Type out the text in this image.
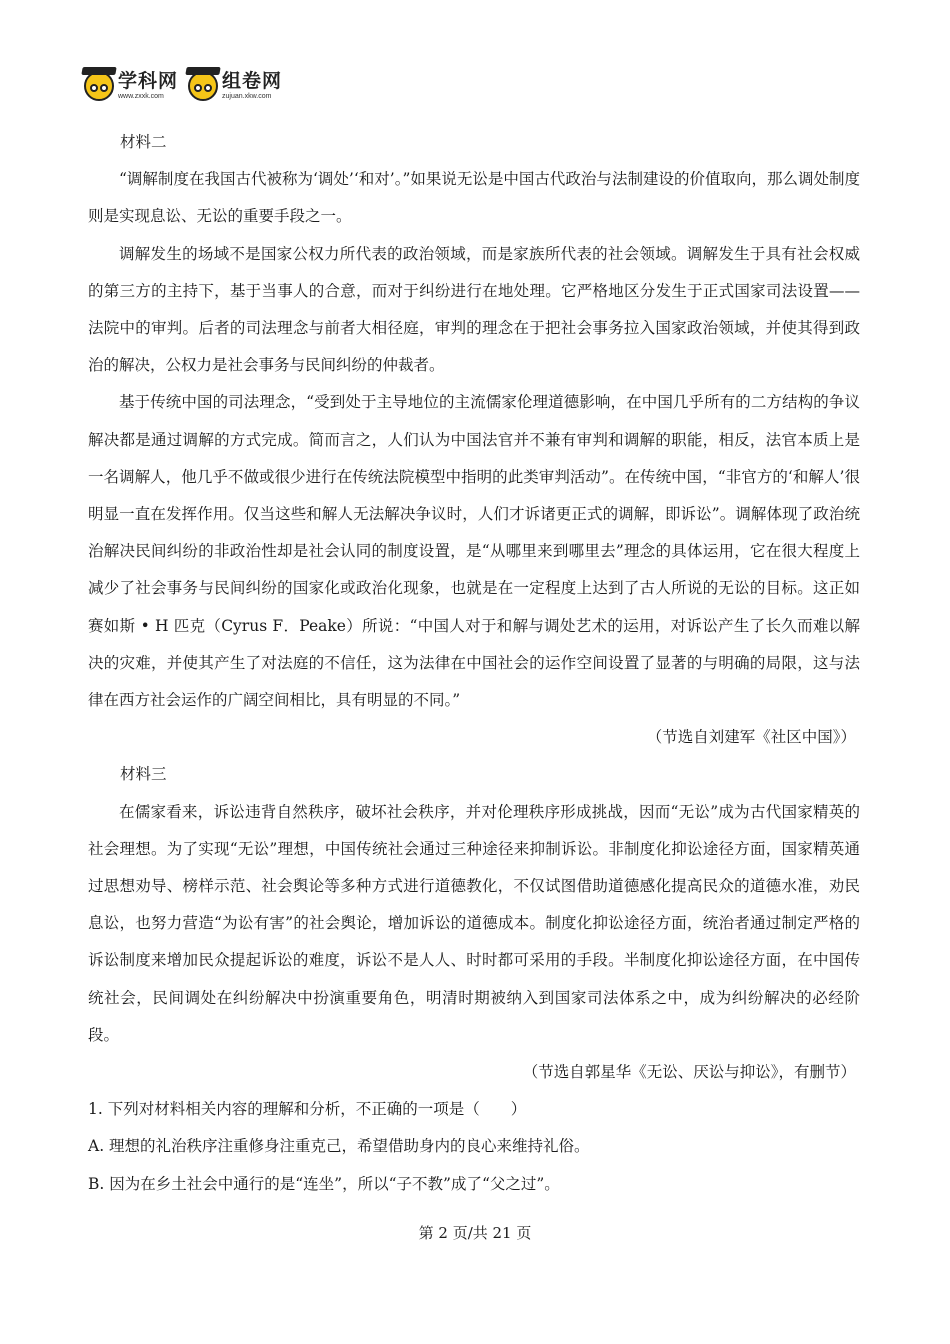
学科网
www.zxxk.com
组卷网
zujuan.xkw.com

材料二

“调解制度在我国古代被称为‘调处’‘和对’。”如果说无讼是中国古代政治与法制建设的价值取向，那么调处制度则是实现息讼、无讼的重要手段之一。

调解发生的场域不是国家公权力所代表的政治领域，而是家族所代表的社会领域。调解发生于具有社会权威的第三方的主持下，基于当事人的合意，而对于纠纷进行在地处理。它严格地区分发生于正式国家司法设置——法院中的审判。后者的司法理念与前者大相径庭，审判的理念在于把社会事务拉入国家政治领域，并使其得到政治的解决，公权力是社会事务与民间纠纷的仲裁者。

基于传统中国的司法理念，“受到处于主导地位的主流儒家伦理道德影响，在中国几乎所有的二方结构的争议解决都是通过调解的方式完成。简而言之，人们认为中国法官并不兼有审判和调解的职能，相反，法官本质上是一名调解人，他几乎不做或很少进行在传统法院模型中指明的此类审判活动”。在传统中国，“非官方的‘和解人’很明显一直在发挥作用。仅当这些和解人无法解决争议时，人们才诉诸更正式的调解，即诉讼”。调解体现了政治统治解决民间纠纷的非政治性却是社会认同的制度设置，是“从哪里来到哪里去”理念的具体运用，它在很大程度上减少了社会事务与民间纠纷的国家化或政治化现象，也就是在一定程度上达到了古人所说的无讼的目标。这正如赛如斯 • H 匹克（Cyrus F．Peake）所说：“中国人对于和解与调处艺术的运用，对诉讼产生了长久而难以解决的灾难，并使其产生了对法庭的不信任，这为法律在中国社会的运作空间设置了显著的与明确的局限，这与法律在西方社会运作的广阔空间相比，具有明显的不同。”

（节选自刘建军《社区中国》）

材料三

在儒家看来，诉讼违背自然秩序，破坏社会秩序，并对伦理秩序形成挑战，因而“无讼”成为古代国家精英的社会理想。为了实现“无讼”理想，中国传统社会通过三种途径来抑制诉讼。非制度化抑讼途径方面，国家精英通过思想劝导、榜样示范、社会舆论等多种方式进行道德教化，不仅试图借助道德感化提高民众的道德水准，劝民息讼，也努力营造“为讼有害”的社会舆论，增加诉讼的道德成本。制度化抑讼途径方面，统治者通过制定严格的诉讼制度来增加民众提起诉讼的难度，诉讼不是人人、时时都可采用的手段。半制度化抑讼途径方面，在中国传统社会，民间调处在纠纷解决中扮演重要角色，明清时期被纳入到国家司法体系之中，成为纠纷解决的必经阶段。

（节选自郭星华《无讼、厌讼与抑讼》，有删节）

1. 下列对材料相关内容的理解和分析，不正确的一项是（　　）

A. 理想的礼治秩序注重修身注重克己，希望借助身内的良心来维持礼俗。

B. 因为在乡土社会中通行的是“连坐”，所以“子不教”成了“父之过”。

第 2 页/共 21 页
